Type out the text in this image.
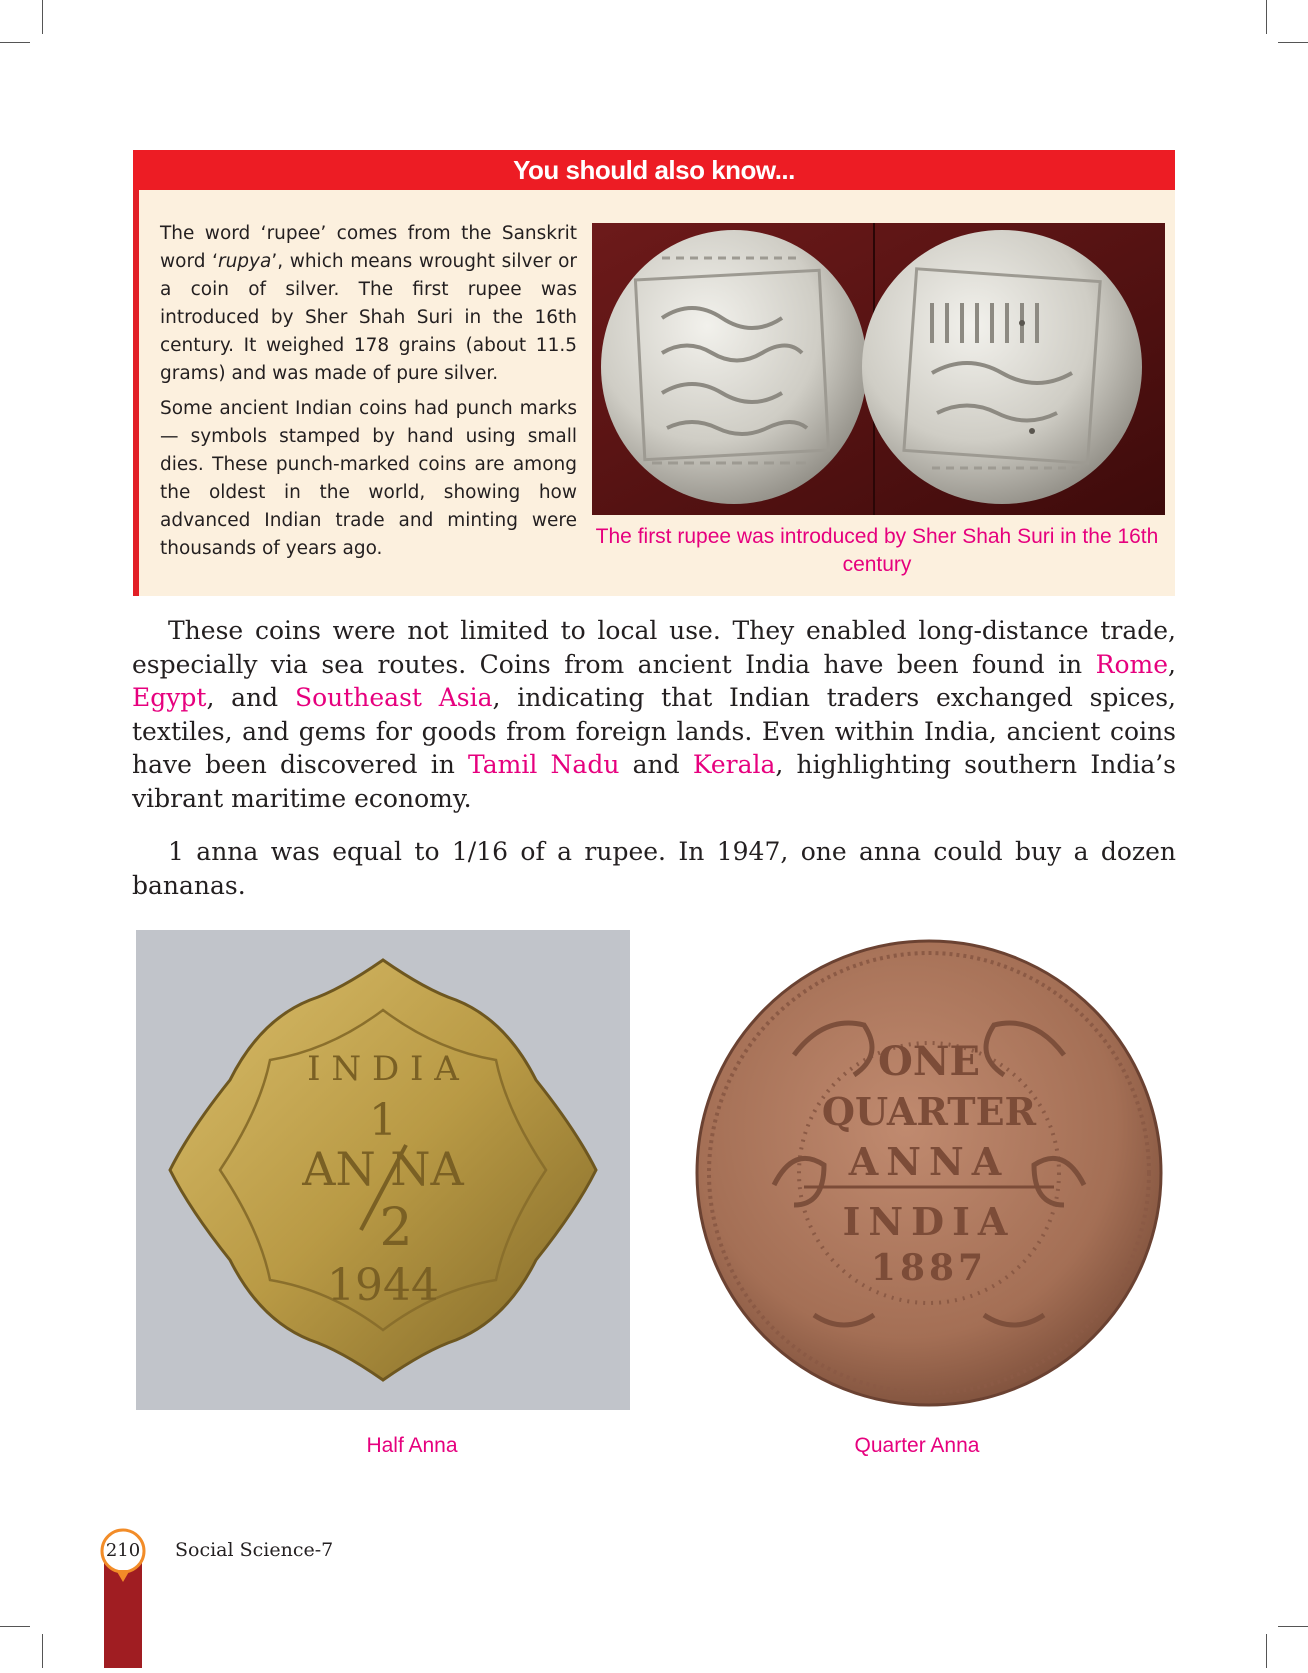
You should also know...

The word ‘rupee’ comes from the Sanskrit word ‘rupya’, which means wrought silver or a coin of silver. The first rupee was introduced by Sher Shah Suri in the 16th century. It weighed 178 grains (about 11.5 grams) and was made of pure silver.

Some ancient Indian coins had punch marks — symbols stamped by hand using small dies. These punch-marked coins are among the oldest in the world, showing how advanced Indian trade and minting were thousands of years ago.

The first rupee was introduced by Sher Shah Suri in the 16th century

These coins were not limited to local use. They enabled long-distance trade, especially via sea routes. Coins from ancient India have been found in Rome, Egypt, and Southeast Asia, indicating that Indian traders exchanged spices, textiles, and gems for goods from foreign lands. Even within India, ancient coins have been discovered in Tamil Nadu and Kerala, highlighting southern India’s vibrant maritime economy.

1 anna was equal to 1/16 of a rupee. In 1947, one anna could buy a dozen bananas.

I N D I A
1
AN NA
2
1944
ONE
QUARTER
ANNA
INDIA
1887
Half Anna	Quarter Anna
210	Social Science-7
